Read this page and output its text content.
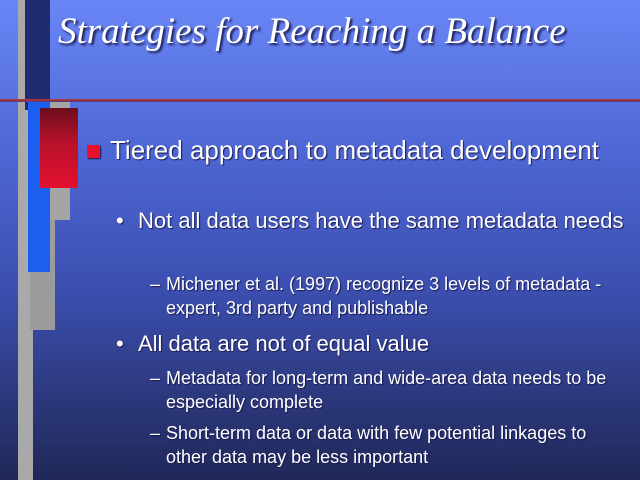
Strategies for Reaching a Balance
Tiered approach to metadata development
• Not all data users have the same metadata needs
– Michener et al. (1997) recognize 3 levels of metadata - expert, 3rd party and publishable
• All data are not of equal value
– Metadata for long-term and wide-area data needs to be especially complete
– Short-term data or data with few potential linkages to other data may be less important
